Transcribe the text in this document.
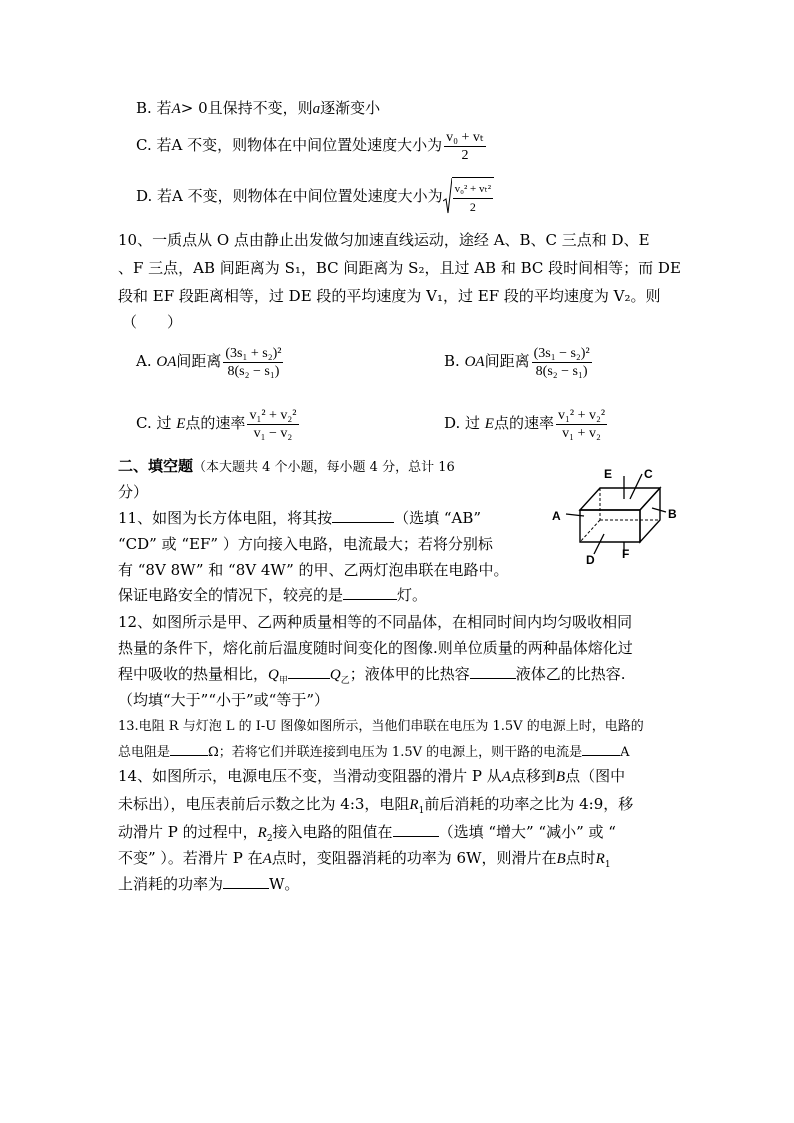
B. 若A> 0且保持不变，则a逐渐变小
C. 若A 不变，则物体在中间位置处速度大小为 $\frac{\text{v₀ + vₜ}}{2}$
D. 若A 不变，则物体在中间位置处速度大小为 $\frac{\text{v₀² + vₜ²}}{2}$
10、一质点从 O 点由静止出发做匀加速直线运动，途经 A、B、C 三点和 D、E
、F 三点，AB 间距离为 S₁，BC 间距离为 S₂，且过 AB 和 BC 段时间相等；而 DE
段和 EF 段距离相等，过 DE 段的平均速度为 V₁，过 EF 段的平均速度为 V₂。则
（　　）
A. OA间距离 $\frac{\text{(3s₁ + s₂)²}}{\text{8(s₂ − s₁)}}$	B. OA间距离 $\frac{\text{(3s₁ − s₂)²}}{\text{8(s₂ − s₁)}}$
C. 过 E点的速率 $\frac{\text{v₁² + v₂²}}{\text{v₁ − v₂}}$	D. 过 E点的速率 $\frac{\text{v₁² + v₂²}}{\text{v₁ + v₂}}$
二、填空题（本大题共 4 个小题，每小题 4 分，总计 16
分）
11、如图为长方体电阻，将其按	（选填 “AB”
“CD” 或 “EF” ）方向接入电路，电流最大；若将分别标
有 “8V 8W” 和 “8V 4W” 的甲、乙两灯泡串联在电路中。
保证电路安全的情况下，较亮的是	灯。
E	C
A	B
D F
12、如图所示是甲、乙两种质量相等的不同晶体，在相同时间内均匀吸收相同
热量的条件下，熔化前后温度随时间变化的图像.则单位质量的两种晶体熔化过
程中吸收的热量相比，$Q_甲$	$Q_乙$；液体甲的比热容	液体乙的比热容.
（均填“大于”“小于”或“等于”）
13.电阻 R 与灯泡 L 的 I-U 图像如图所示，当他们串联在电压为 1.5V 的电源上时，电路的
总电阻是	Ω；若将它们并联连接到电压为 1.5V 的电源上，则干路的电流是	A
14、如图所示，电源电压不变，当滑动变阻器的滑片 P 从A点移到B点（图中
未标出），电压表前后示数之比为 4:3，电阻$R_1$前后消耗的功率之比为 4:9，移
动滑片 P 的过程中，$R_2$接入电路的阻值在	（选填 “增大” “减小” 或 “
不变” ）。若滑片 P 在A点时，变阻器消耗的功率为 6W，则滑片在B点时$R_1$
上消耗的功率为	W。
